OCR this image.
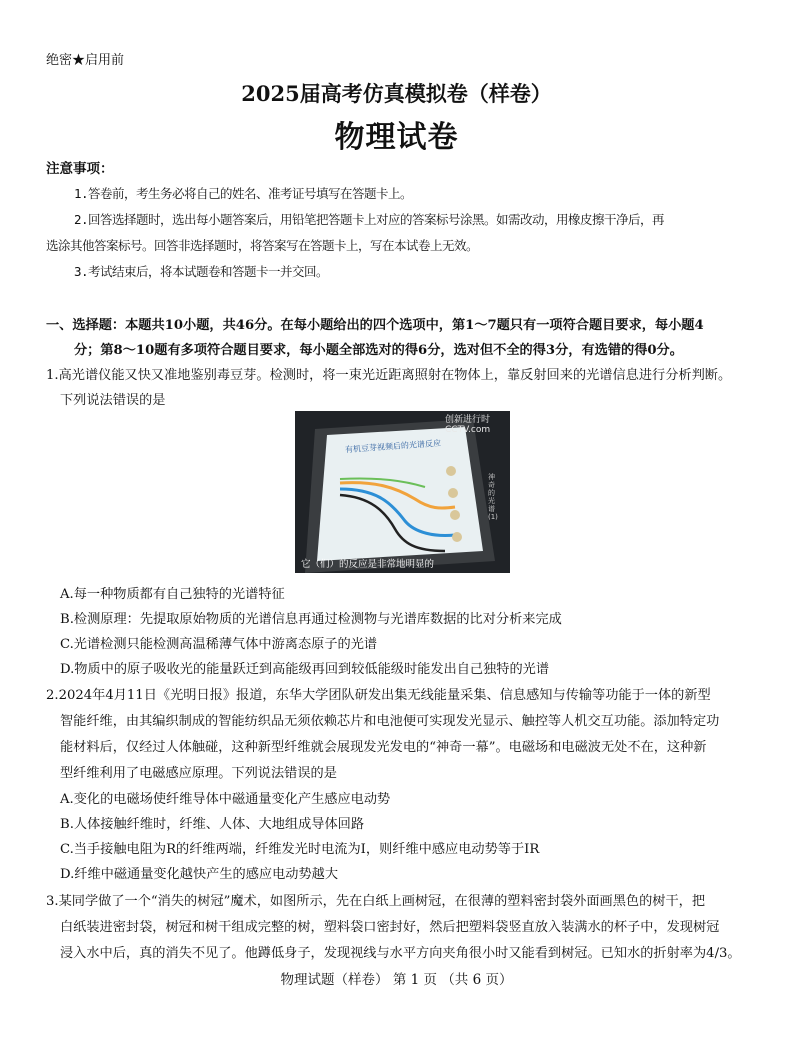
绝密★启用前
2025届高考仿真模拟卷（样卷）
物理试卷
注意事项：
1.答卷前，考生务必将自己的姓名、准考证号填写在答题卡上。
2.回答选择题时，选出每小题答案后，用铅笔把答题卡上对应的答案标号涂黑。如需改动，用橡皮擦干净后，再
选涂其他答案标号。回答非选择题时，将答案写在答题卡上，写在本试卷上无效。
3.考试结束后，将本试题卷和答题卡一并交回。
一、选择题：本题共10小题，共46分。在每小题给出的四个选项中，第1～7题只有一项符合题目要求，每小题4
分；第8～10题有多项符合题目要求，每小题全部选对的得6分，选对但不全的得3分，有选错的得0分。
1.高光谱仪能又快又准地鉴别毒豆芽。检测时，将一束光近距离照射在物体上，靠反射回来的光谱信息进行分析判断。
下列说法错误的是
有机豆芽视频后的光谱反应
创新进行时
CCTV.com
神奇的光谱(1)
它（们）的反应是非常地明显的
A.每一种物质都有自己独特的光谱特征
B.检测原理：先提取原始物质的光谱信息再通过检测物与光谱库数据的比对分析来完成
C.光谱检测只能检测高温稀薄气体中游离态原子的光谱
D.物质中的原子吸收光的能量跃迁到高能级再回到较低能级时能发出自己独特的光谱
2.2024年4月11日《光明日报》报道，东华大学团队研发出集无线能量采集、信息感知与传输等功能于一体的新型
智能纤维，由其编织制成的智能纺织品无须依赖芯片和电池便可实现发光显示、触控等人机交互功能。添加特定功
能材料后，仅经过人体触碰，这种新型纤维就会展现发光发电的“神奇一幕”。电磁场和电磁波无处不在，这种新
型纤维利用了电磁感应原理。下列说法错误的是
A.变化的电磁场使纤维导体中磁通量变化产生感应电动势
B.人体接触纤维时，纤维、人体、大地组成导体回路
C.当手接触电阻为R的纤维两端，纤维发光时电流为I，则纤维中感应电动势等于IR
D.纤维中磁通量变化越快产生的感应电动势越大
3.某同学做了一个“消失的树冠”魔术，如图所示，先在白纸上画树冠，在很薄的塑料密封袋外面画黑色的树干，把
白纸装进密封袋，树冠和树干组成完整的树，塑料袋口密封好，然后把塑料袋竖直放入装满水的杯子中，发现树冠
浸入水中后，真的消失不见了。他蹲低身子，发现视线与水平方向夹角很小时又能看到树冠。已知水的折射率为4/3。
物理试题（样卷） 第 1 页 （共 6 页）
